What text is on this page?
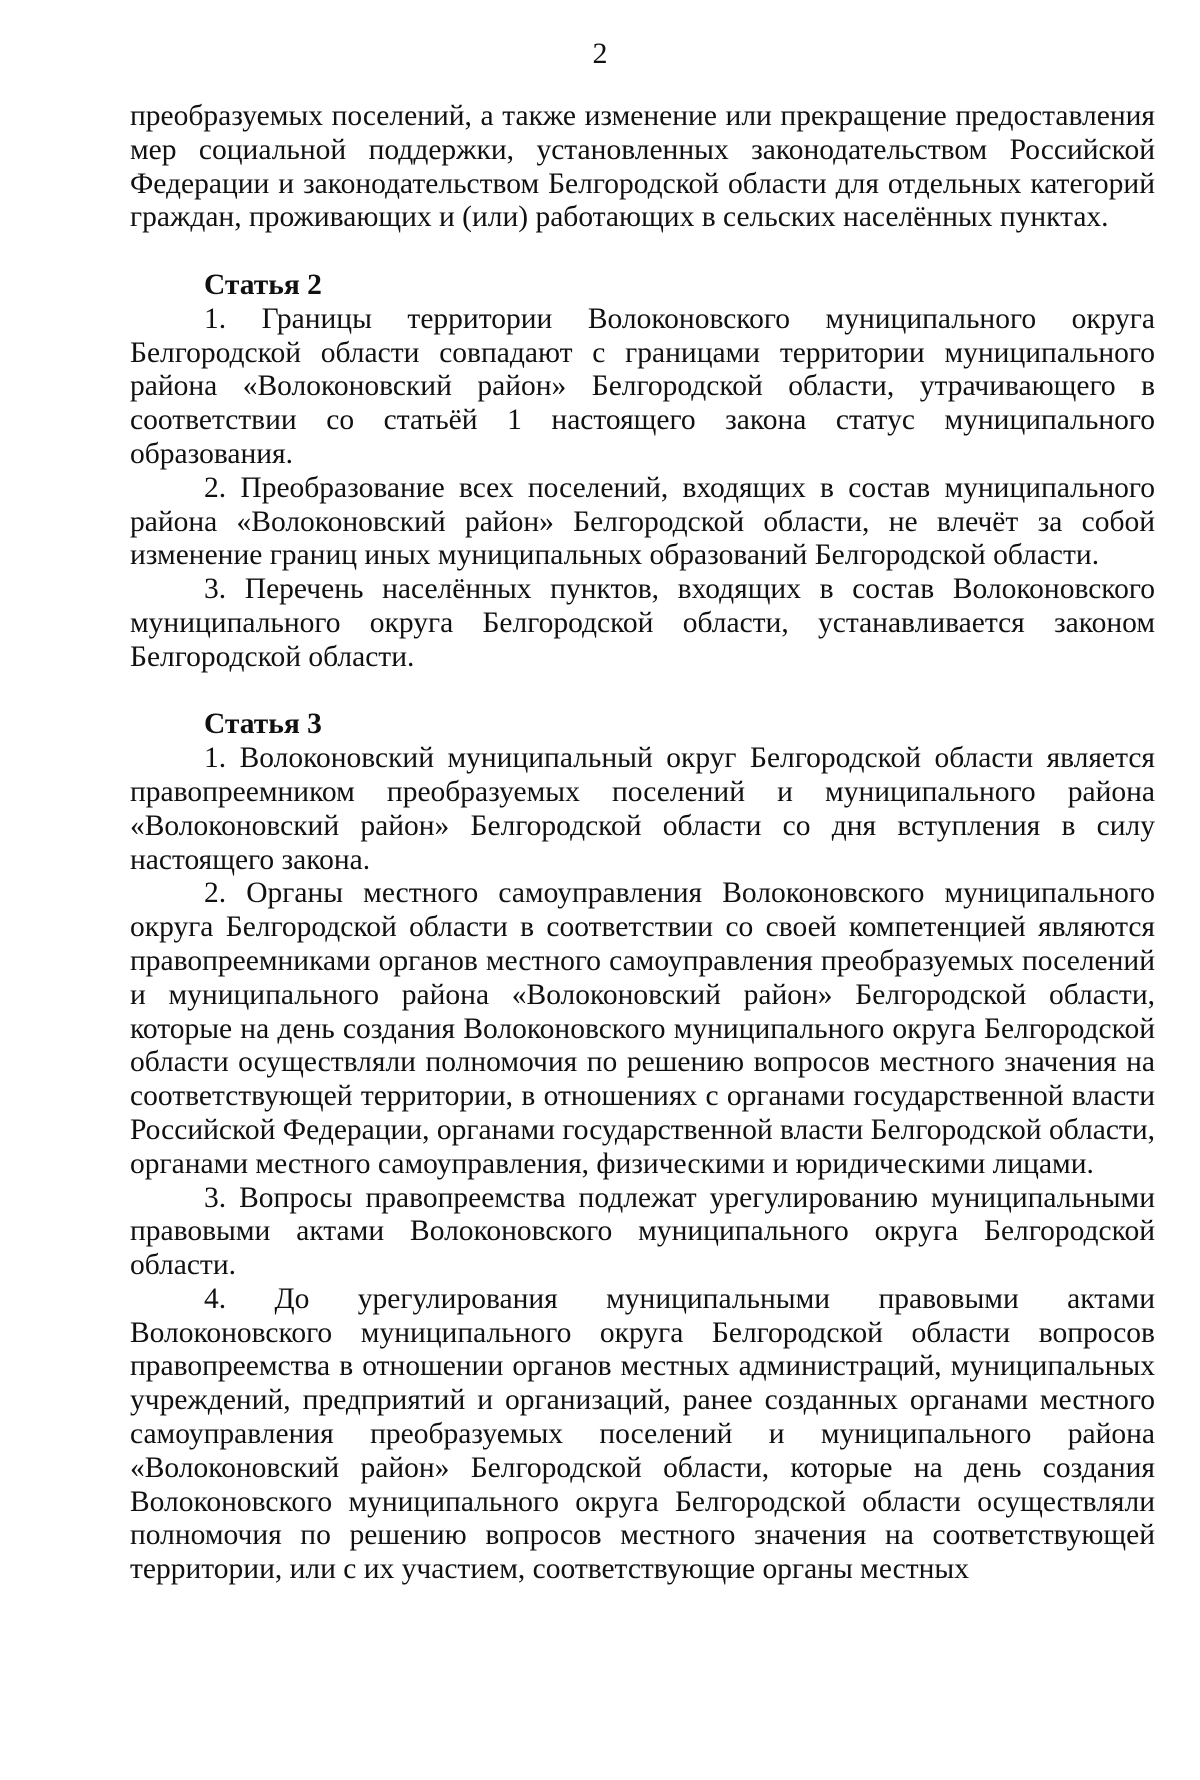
2

преобразуемых поселений, а также изменение или прекращение предоставления мер социальной поддержки, установленных законодательством Российской Федерации и законодательством Белгородской области для отдельных категорий граждан, проживающих и (или) работающих в сельских населённых пунктах.

Статья 2

1. Границы территории Волоконовского муниципального округа Белгородской области совпадают с границами территории муниципального района «Волоконовский район» Белгородской области, утрачивающего в соответствии со статьёй 1 настоящего закона статус муниципального образования.

2. Преобразование всех поселений, входящих в состав муниципального района «Волоконовский район» Белгородской области, не влечёт за собой изменение границ иных муниципальных образований Белгородской области.

3. Перечень населённых пунктов, входящих в состав Волоконовского муниципального округа Белгородской области, устанавливается законом Белгородской области.

Статья 3

1. Волоконовский муниципальный округ Белгородской области является правопреемником преобразуемых поселений и муниципального района «Волоконовский район» Белгородской области со дня вступления в силу настоящего закона.

2. Органы местного самоуправления Волоконовского муниципального округа Белгородской области в соответствии со своей компетенцией являются правопреемниками органов местного самоуправления преобразуемых поселений и муниципального района «Волоконовский район» Белгородской области, которые на день создания Волоконовского муниципального округа Белгородской области осуществляли полномочия по решению вопросов местного значения на соответствующей территории, в отношениях с органами государственной власти Российской Федерации, органами государственной власти Белгородской области, органами местного самоуправления, физическими и юридическими лицами.

3. Вопросы правопреемства подлежат урегулированию муниципальными правовыми актами Волоконовского муниципального округа Белгородской области.

4. До урегулирования муниципальными правовыми актами Волоконовского муниципального округа Белгородской области вопросов правопреемства в отношении органов местных администраций, муниципальных учреждений, предприятий и организаций, ранее созданных органами местного самоуправления преобразуемых поселений и муниципального района «Волоконовский район» Белгородской области, которые на день создания Волоконовского муниципального округа Белгородской области осуществляли полномочия по решению вопросов местного значения на соответствующей территории, или с их участием, соответствующие органы местных
